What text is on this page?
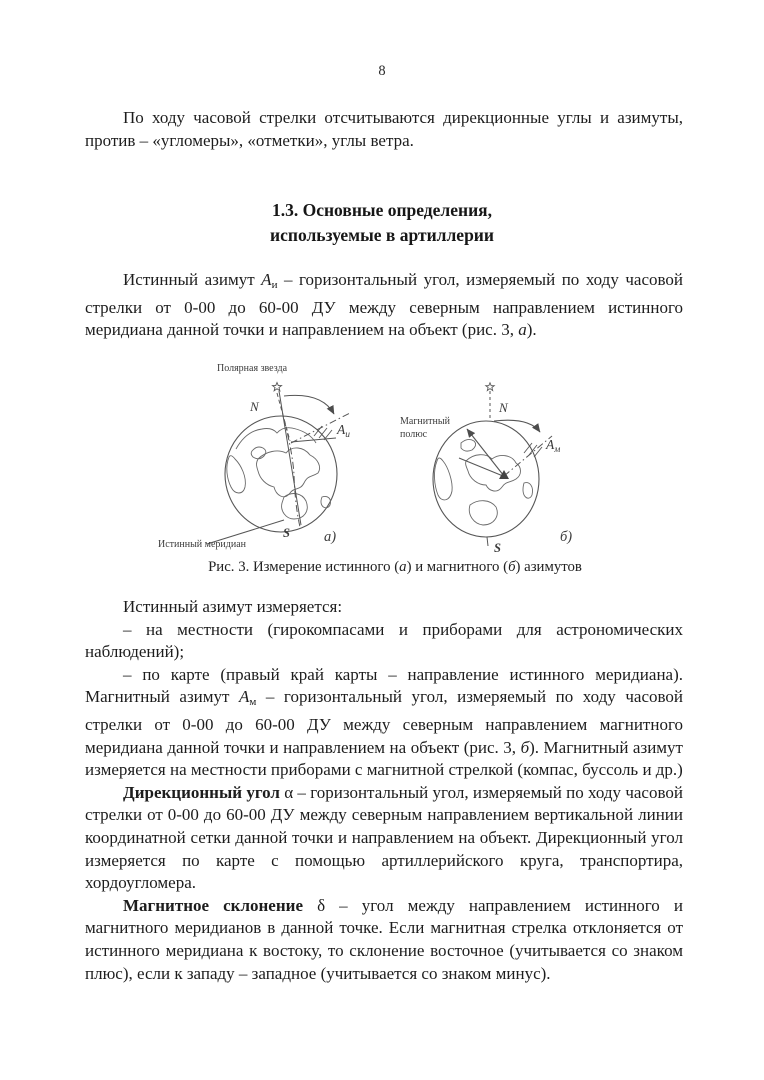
8

По ходу часовой стрелки отсчитываются дирекционные углы и азимуты, против – «угломеры», «отметки», углы ветра.

1.3. Основные определения,
используемые в артиллерии

Истинный азимут $А_и$ – горизонтальный угол, измеряемый по ходу часовой стрелки от 0-00 до 60-00 ДУ между северным направлением истинного меридиана данной точки и направлением на объект (рис. 3, а).

Полярная звезда
N
$А_и$
S а)
Истинный меридиан
Магнитный
полюс
N
$А_м$
S
б)
Рис. 3. Измерение истинного (а) и магнитного (б) азимутов

Истинный азимут измеряется:

– на местности (гирокомпасами и приборами для астрономических наблюдений);

– по карте (правый край карты – направление истинного меридиана). Магнитный азимут $А_м$ – горизонтальный угол, измеряемый по ходу часовой стрелки от 0-00 до 60-00 ДУ между северным направлением магнитного меридиана данной точки и направлением на объект (рис. 3, б). Магнитный азимут измеряется на местности приборами с магнитной стрелкой (компас, буссоль и др.)

Дирекционный угол α – горизонтальный угол, измеряемый по ходу часовой стрелки от 0-00 до 60-00 ДУ между северным направлением вертикальной линии координатной сетки данной точки и направлением на объект. Дирекционный угол измеряется по карте с помощью артиллерийского круга, транспортира, хордоугломера.

Магнитное склонение δ – угол между направлением истинного и магнитного меридианов в данной точке. Если магнитная стрелка отклоняется от истинного меридиана к востоку, то склонение восточное (учитывается со знаком плюс), если к западу – западное (учитывается со знаком минус).
